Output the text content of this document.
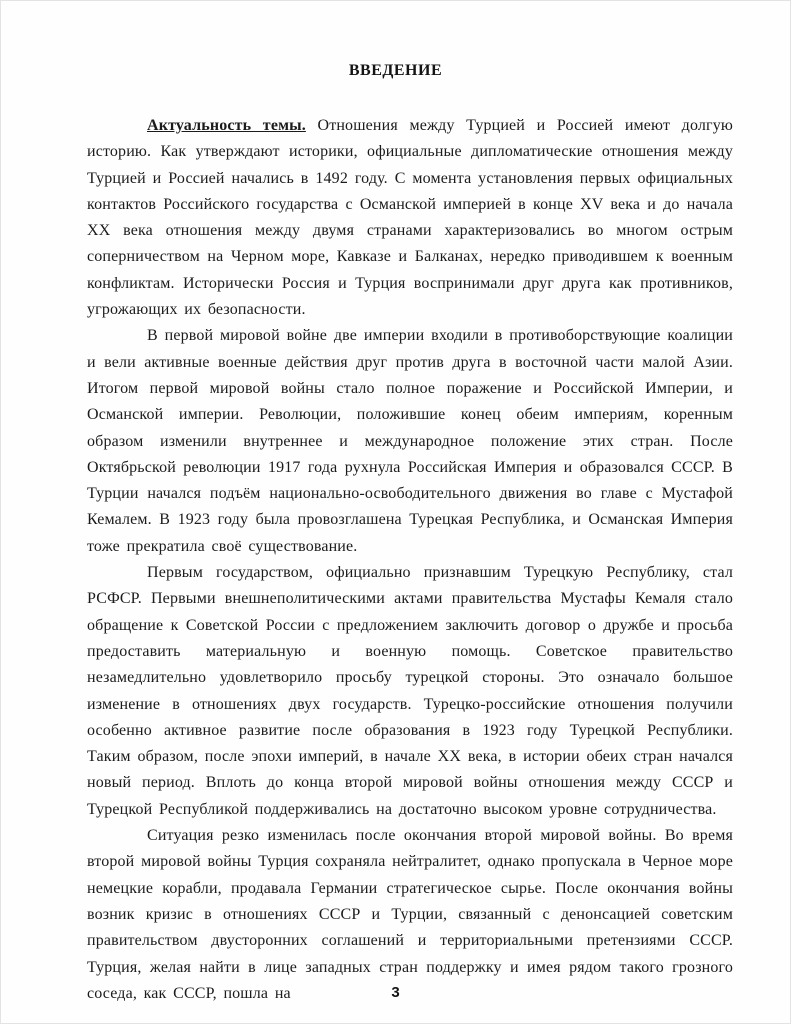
ВВЕДЕНИЕ

Актуальность темы. Отношения между Турцией и Россией имеют долгую историю. Как утверждают историки, официальные дипломатические отношения между Турцией и Россией начались в 1492 году. С момента установления первых официальных контактов Российского государства с Османской империей в конце XV века и до начала XX века отношения между двумя странами характеризовались во многом острым соперничеством на Черном море, Кавказе и Балканах, нередко приводившем к военным конфликтам. Исторически Россия и Турция воспринимали друг друга как противников, угрожающих их безопасности.

В первой мировой войне две империи входили в противоборствующие коалиции и вели активные военные действия друг против друга в восточной части малой Азии. Итогом первой мировой войны стало полное поражение и Российской Империи, и Османской империи. Революции, положившие конец обеим империям, коренным образом изменили внутреннее и международное положение этих стран. После Октябрьской революции 1917 года рухнула Российская Империя и образовался СССР. В Турции начался подъём национально-освободительного движения во главе с Мустафой Кемалем. В 1923 году была провозглашена Турецкая Республика, и Османская Империя тоже прекратила своё существование.

Первым государством, официально признавшим Турецкую Республику, стал РСФСР. Первыми внешнеполитическими актами правительства Мустафы Кемаля стало обращение к Советской России с предложением заключить договор о дружбе и просьба предоставить материальную и военную помощь. Советское правительство незамедлительно удовлетворило просьбу турецкой стороны. Это означало большое изменение в отношениях двух государств. Турецко-российские отношения получили особенно активное развитие после образования в 1923 году Турецкой Республики. Таким образом, после эпохи империй, в начале XX века, в истории обеих стран начался новый период. Вплоть до конца второй мировой войны отношения между СССР и Турецкой Республикой поддерживались на достаточно высоком уровне сотрудничества.

Ситуация резко изменилась после окончания второй мировой войны. Во время второй мировой войны Турция сохраняла нейтралитет, однако пропускала в Черное море немецкие корабли, продавала Германии стратегическое сырье. После окончания войны возник кризис в отношениях СССР и Турции, связанный с денонсацией советским правительством двусторонних соглашений и территориальными претензиями СССР. Турция, желая найти в лице западных стран поддержку и имея рядом такого грозного соседа, как СССР, пошла на	3
